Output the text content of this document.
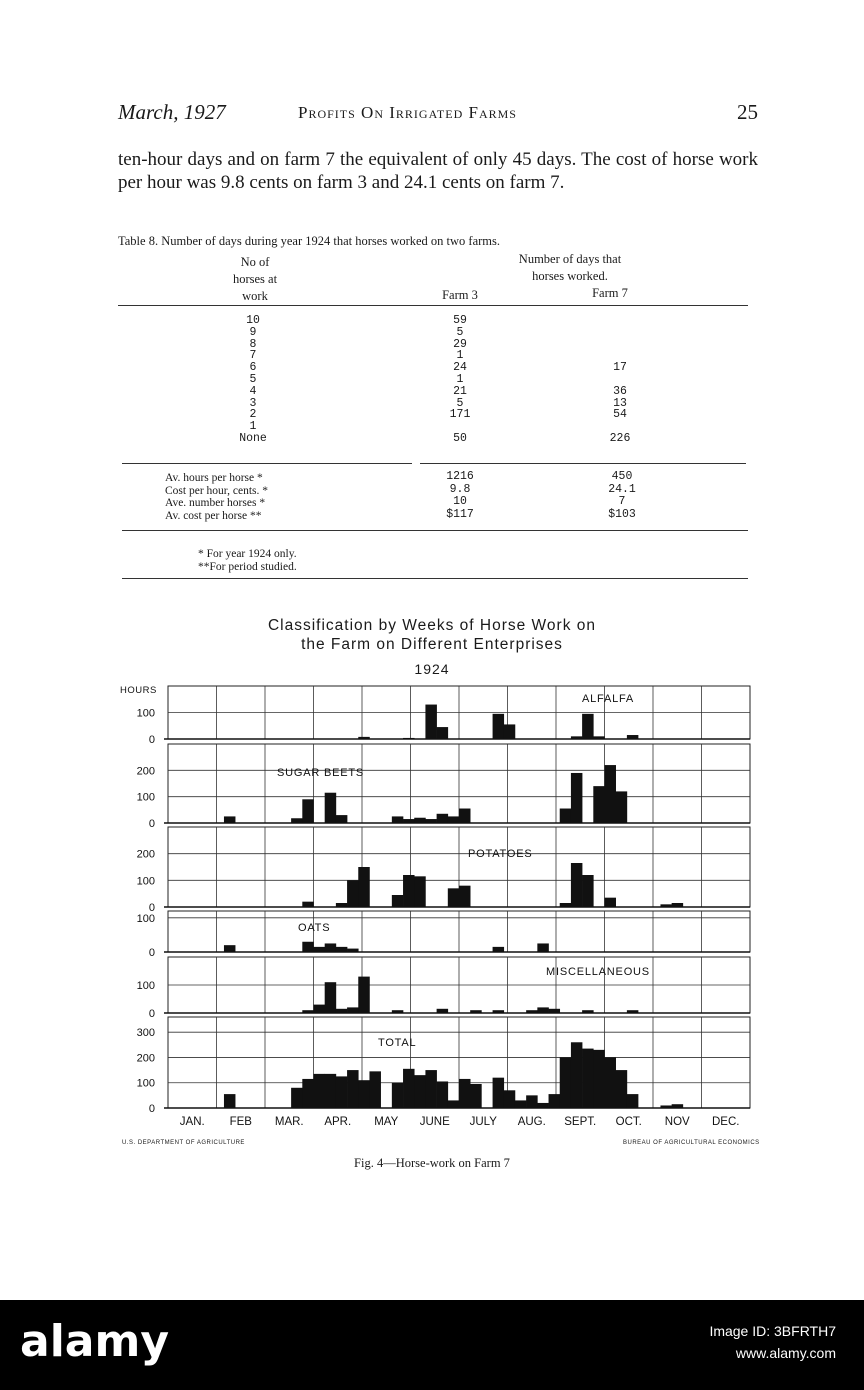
March, 1927	Profits On Irrigated Farms	25
ten-hour days and on farm 7 the equivalent of only 45 days. The cost of horse work per hour was 9.8 cents on farm 3 and 24.1 cents on farm 7.
Table 8. Number of days during year 1924 that horses worked on two farms.
No of
horses at
work
Number of days that
horses worked.
Farm 3	Farm 7
10	59
9	5
8	29
7	1
6	24	17
5	1
4	21	36
3	5	13
2	171	54
1
None	50	226
Av. hours per horse *	1216	450
Cost per hour, cents. *	9.8	24.1
Ave. number horses *	10	7
Av. cost per horse **	$117	$103
* For year 1924 only.
**For period studied.
Classification by Weeks of Horse Work on
the Farm on Different Enterprises
1924
HOURS
0
100
ALFALFA
0
100
200	SUGAR BEETS
0
100
200	POTATOES
0
100
OATS
0
100
MISCELLANEOUS
0
100
200
300
TOTAL
JAN. FEB MAR. APR. MAY JUNE JULY AUG. SEPT. OCT. NOV DEC.
U.S. DEPARTMENT OF AGRICULTURE	BUREAU OF AGRICULTURAL ECONOMICS
Fig. 4—Horse-work on Farm 7
alamy	Image ID: 3BFRTH7
www.alamy.com
